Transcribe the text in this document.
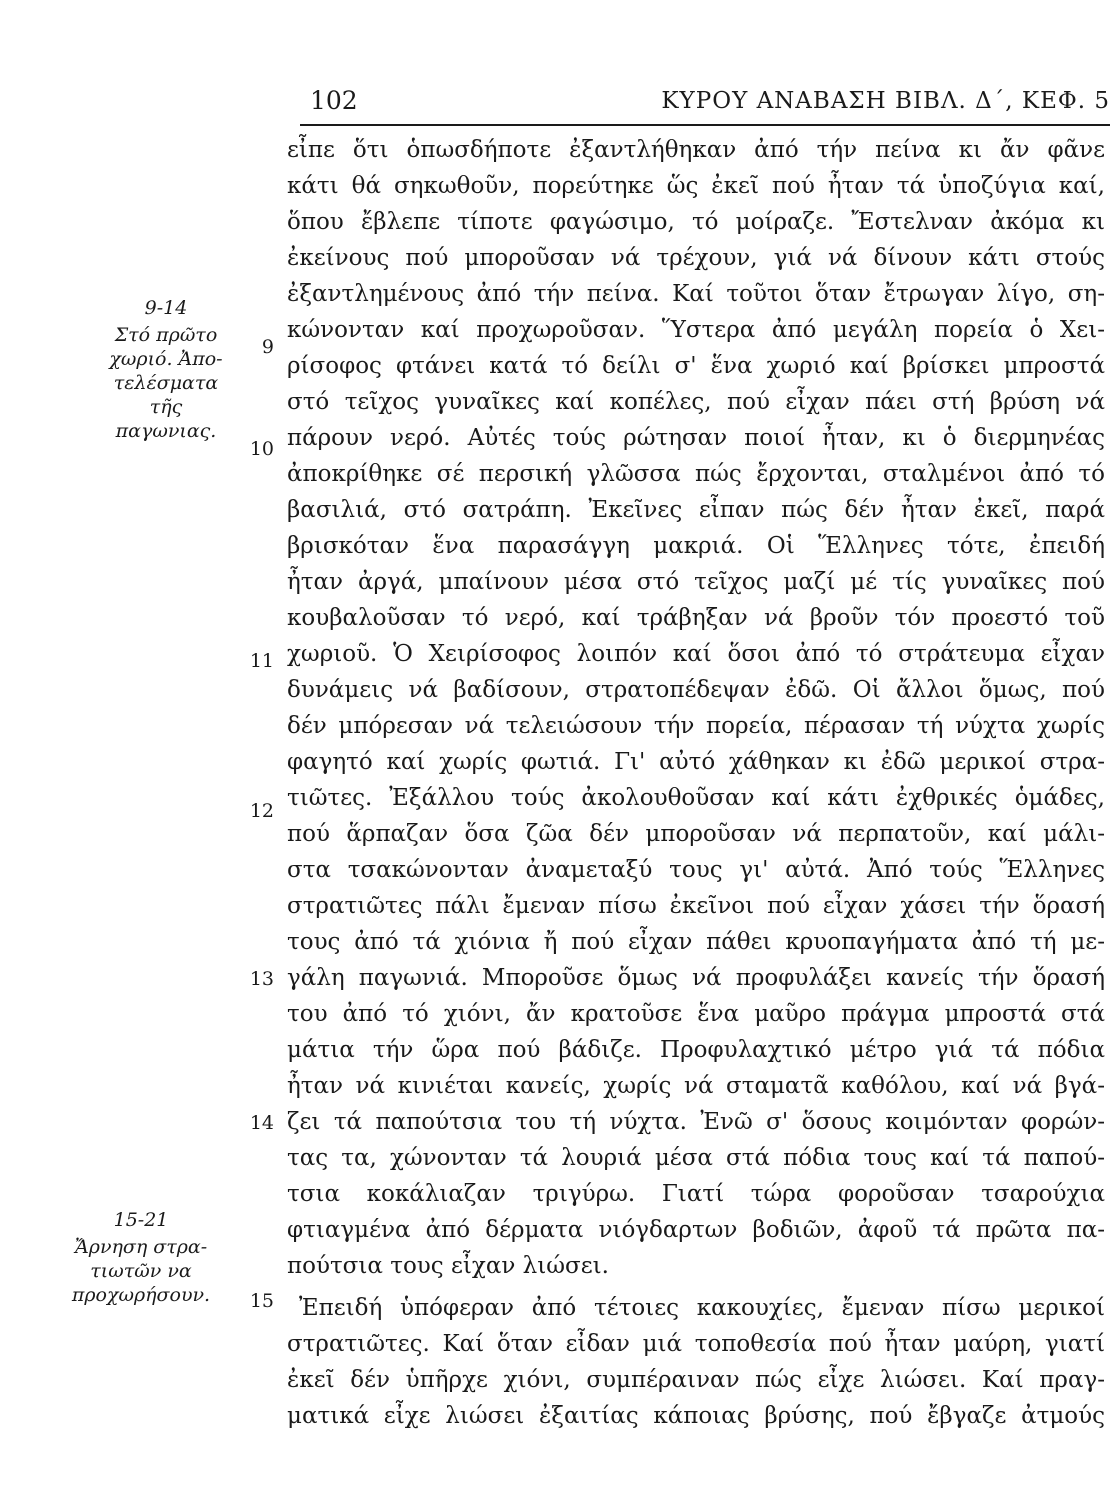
102	ΚΥΡΟΥ ΑΝΑΒΑΣΗ ΒΙΒΛ. Δ΄, ΚΕΦ. 5
9-14
Στό πρῶτο
χωριό. Ἀπο-
τελέσματα τῆς
παγωνιας.
15-21
Ἄρνηση στρα-
τιωτῶν να
προχωρήσουν.
9
10
11
12
13
14
15
εἶπε ὅτι ὁπωσδήποτε ἐξαντλήθηκαν ἀπό τήν πείνα κι ἄν φᾶνε
κάτι θά σηκωθοῦν, πορεύτηκε ὥς ἐκεῖ πού ἦταν τά ὑποζύγια καί,
ὅπου ἔβλεπε τίποτε φαγώσιμο, τό μοίραζε. Ἔστελναν ἀκόμα κι
ἐκείνους πού μποροῦσαν νά τρέχουν, γιά νά δίνουν κάτι στούς
ἐξαντλημένους ἀπό τήν πείνα. Καί τοῦτοι ὅταν ἔτρωγαν λίγο, ση-
κώνονταν καί προχωροῦσαν. Ὕστερα ἀπό μεγάλη πορεία ὁ Χει-
ρίσοφος φτάνει κατά τό δείλι σ' ἕνα χωριό καί βρίσκει μπροστά
στό τεῖχος γυναῖκες καί κοπέλες, πού εἶχαν πάει στή βρύση νά
πάρουν νερό. Αὐτές τούς ρώτησαν ποιοί ἦταν, κι ὁ διερμηνέας
ἀποκρίθηκε σέ περσική γλῶσσα πώς ἔρχονται, σταλμένοι ἀπό τό
βασιλιά, στό σατράπη. Ἐκεῖνες εἶπαν πώς δέν ἦταν ἐκεῖ, παρά
βρισκόταν ἕνα παρασάγγη μακριά. Οἱ Ἕλληνες τότε, ἐπειδή
ἦταν ἀργά, μπαίνουν μέσα στό τεῖχος μαζί μέ τίς γυναῖκες πού
κουβαλοῦσαν τό νερό, καί τράβηξαν νά βροῦν τόν προεστό τοῦ
χωριοῦ. Ὁ Χειρίσοφος λοιπόν καί ὅσοι ἀπό τό στράτευμα εἶχαν
δυνάμεις νά βαδίσουν, στρατοπέδεψαν ἐδῶ. Οἱ ἄλλοι ὅμως, πού
δέν μπόρεσαν νά τελειώσουν τήν πορεία, πέρασαν τή νύχτα χωρίς
φαγητό καί χωρίς φωτιά. Γι' αὐτό χάθηκαν κι ἐδῶ μερικοί στρα-
τιῶτες. Ἐξάλλου τούς ἀκολουθοῦσαν καί κάτι ἐχθρικές ὁμάδες,
πού ἅρπαζαν ὅσα ζῶα δέν μποροῦσαν νά περπατοῦν, καί μάλι-
στα τσακώνονταν ἀναμεταξύ τους γι' αὐτά. Ἀπό τούς Ἕλληνες
στρατιῶτες πάλι ἔμεναν πίσω ἐκεῖνοι πού εἶχαν χάσει τήν ὅρασή
τους ἀπό τά χιόνια ἤ πού εἶχαν πάθει κρυοπαγήματα ἀπό τή με-
γάλη παγωνιά. Μποροῦσε ὅμως νά προφυλάξει κανείς τήν ὅρασή
του ἀπό τό χιόνι, ἄν κρατοῦσε ἕνα μαῦρο πράγμα μπροστά στά
μάτια τήν ὥρα πού βάδιζε. Προφυλαχτικό μέτρο γιά τά πόδια
ἦταν νά κινιέται κανείς, χωρίς νά σταματᾶ καθόλου, καί νά βγά-
ζει τά παπούτσια του τή νύχτα. Ἐνῶ σ' ὅσους κοιμόνταν φορών-
τας τα, χώνονταν τά λουριά μέσα στά πόδια τους καί τά παπού-
τσια κοκάλιαζαν τριγύρω. Γιατί τώρα φοροῦσαν τσαρούχια
φτιαγμένα ἀπό δέρματα νιόγδαρτων βοδιῶν, ἀφοῦ τά πρῶτα πα-
πούτσια τους εἶχαν λιώσει.
Ἐπειδή ὑπόφεραν ἀπό τέτοιες κακουχίες, ἔμεναν πίσω μερικοί
στρατιῶτες. Καί ὅταν εἶδαν μιά τοποθεσία πού ἦταν μαύρη, γιατί
ἐκεῖ δέν ὑπῆρχε χιόνι, συμπέραιναν πώς εἶχε λιώσει. Καί πραγ-
ματικά εἶχε λιώσει ἐξαιτίας κάποιας βρύσης, πού ἔβγαζε ἀτμούς
